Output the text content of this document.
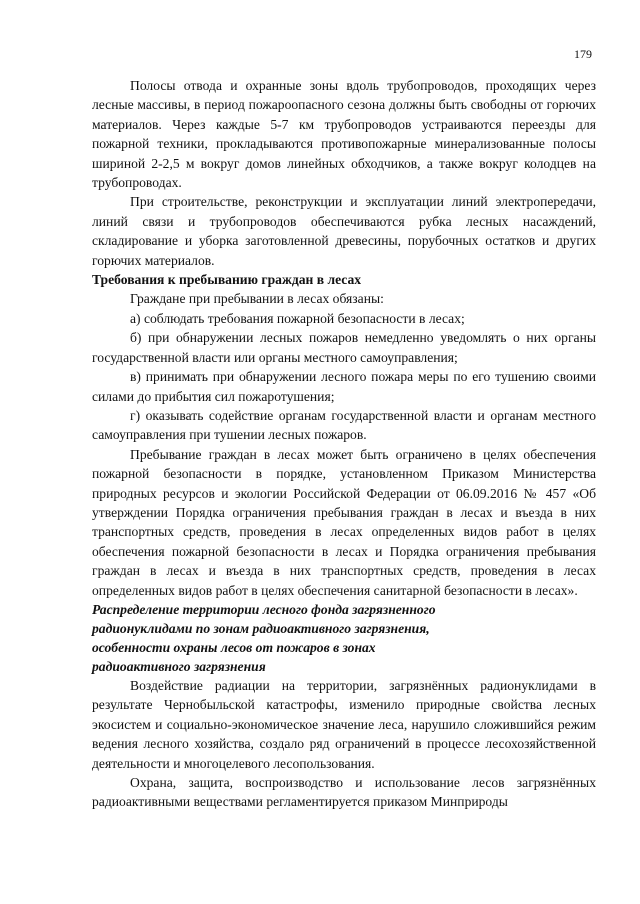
179

Полосы отвода и охранные зоны вдоль трубопроводов, проходящих через лесные массивы, в период пожароопасного сезона должны быть свободны от горючих материалов. Через каждые 5-7 км трубопроводов устраиваются переезды для пожарной техники, прокладываются противопожарные минерализованные полосы шириной 2-2,5 м вокруг домов линейных обходчиков, а также вокруг колодцев на трубопроводах.

При строительстве, реконструкции и эксплуатации линий электропередачи, линий связи и трубопроводов обеспечиваются рубка лесных насаждений, складирование и уборка заготовленной древесины, порубочных остатков и других горючих материалов.

Требования к пребыванию граждан в лесах

Граждане при пребывании в лесах обязаны:

а) соблюдать требования пожарной безопасности в лесах;

б) при обнаружении лесных пожаров немедленно уведомлять о них органы государственной власти или органы местного самоуправления;

в) принимать при обнаружении лесного пожара меры по его тушению своими силами до прибытия сил пожаротушения;

г) оказывать содействие органам государственной власти и органам местного самоуправления при тушении лесных пожаров.

Пребывание граждан в лесах может быть ограничено в целях обеспечения пожарной безопасности в порядке, установленном Приказом Министерства природных ресурсов и экологии Российской Федерации от 06.09.2016 № 457 «Об утверждении Порядка ограничения пребывания граждан в лесах и въезда в них транспортных средств, проведения в лесах определенных видов работ в целях обеспечения пожарной безопасности в лесах и Порядка ограничения пребывания граждан в лесах и въезда в них транспортных средств, проведения в лесах определенных видов работ в целях обеспечения санитарной безопасности в лесах».

Распределение территории лесного фонда загрязненного
радионуклидами по зонам радиоактивного загрязнения,
особенности охраны лесов от пожаров в зонах
радиоактивного загрязнения

Воздействие радиации на территории, загрязнённых радионуклидами в результате Чернобыльской катастрофы, изменило природные свойства лесных экосистем и социально-экономическое значение леса, нарушило сложившийся режим ведения лесного хозяйства, создало ряд ограничений в процессе лесохозяйственной деятельности и многоцелевого лесопользования.

Охрана, защита, воспроизводство и использование лесов загрязнённых радиоактивными веществами регламентируется приказом Минприроды
